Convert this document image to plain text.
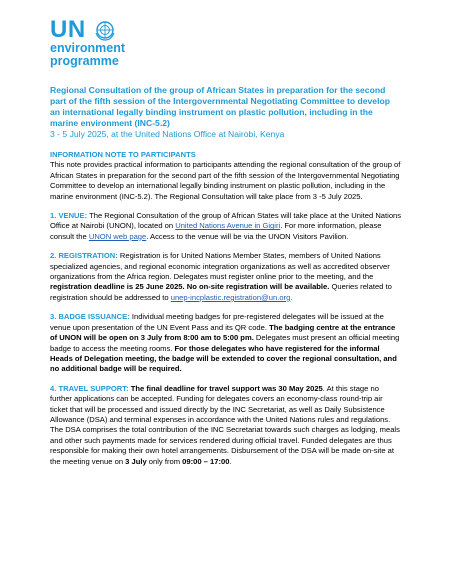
UN
environment
programme
Regional Consultation of the group of African States in preparation for the second part of the fifth session of the Intergovernmental Negotiating Committee to develop an international legally binding instrument on plastic pollution, including in the marine environment (INC-5.2)
3 - 5 July 2025, at the United Nations Office at Nairobi, Kenya
INFORMATION NOTE TO PARTICIPANTS

This note provides practical information to participants attending the regional consultation of the group of African States in preparation for the second part of the fifth session of the Intergovernmental Negotiating Committee to develop an international legally binding instrument on plastic pollution, including in the marine environment (INC-5.2). The Regional Consultation will take place from 3 -5 July 2025.

1. VENUE: The Regional Consultation of the group of African States will take place at the United Nations Office at Nairobi (UNON), located on United Nations Avenue in Gigiri. For more information, please consult the UNON web page. Access to the venue will be via the UNON Visitors Pavilion.

2. REGISTRATION: Registration is for United Nations Member States, members of United Nations specialized agencies, and regional economic integration organizations as well as accredited observer organizations from the Africa region. Delegates must register online prior to the meeting, and the registration deadline is 25 June 2025. No on-site registration will be available. Queries related to registration should be addressed to unep-incplastic.registration@un.org.

3. BADGE ISSUANCE: Individual meeting badges for pre-registered delegates will be issued at the venue upon presentation of the UN Event Pass and its QR code. The badging centre at the entrance of UNON will be open on 3 July from 8:00 am to 5:00 pm. Delegates must present an official meeting badge to access the meeting rooms. For those delegates who have registered for the informal Heads of Delegation meeting, the badge will be extended to cover the regional consultation, and no additional badge will be required.

4. TRAVEL SUPPORT: The final deadline for travel support was 30 May 2025. At this stage no further applications can be accepted. Funding for delegates covers an economy-class round-trip air ticket that will be processed and issued directly by the INC Secretariat, as well as Daily Subsistence Allowance (DSA) and terminal expenses in accordance with the United Nations rules and regulations. The DSA comprises the total contribution of the INC Secretariat towards such charges as lodging, meals and other such payments made for services rendered during official travel. Funded delegates are thus responsible for making their own hotel arrangements. Disbursement of the DSA will be made on-site at the meeting venue on 3 July only from 09:00 – 17:00.
